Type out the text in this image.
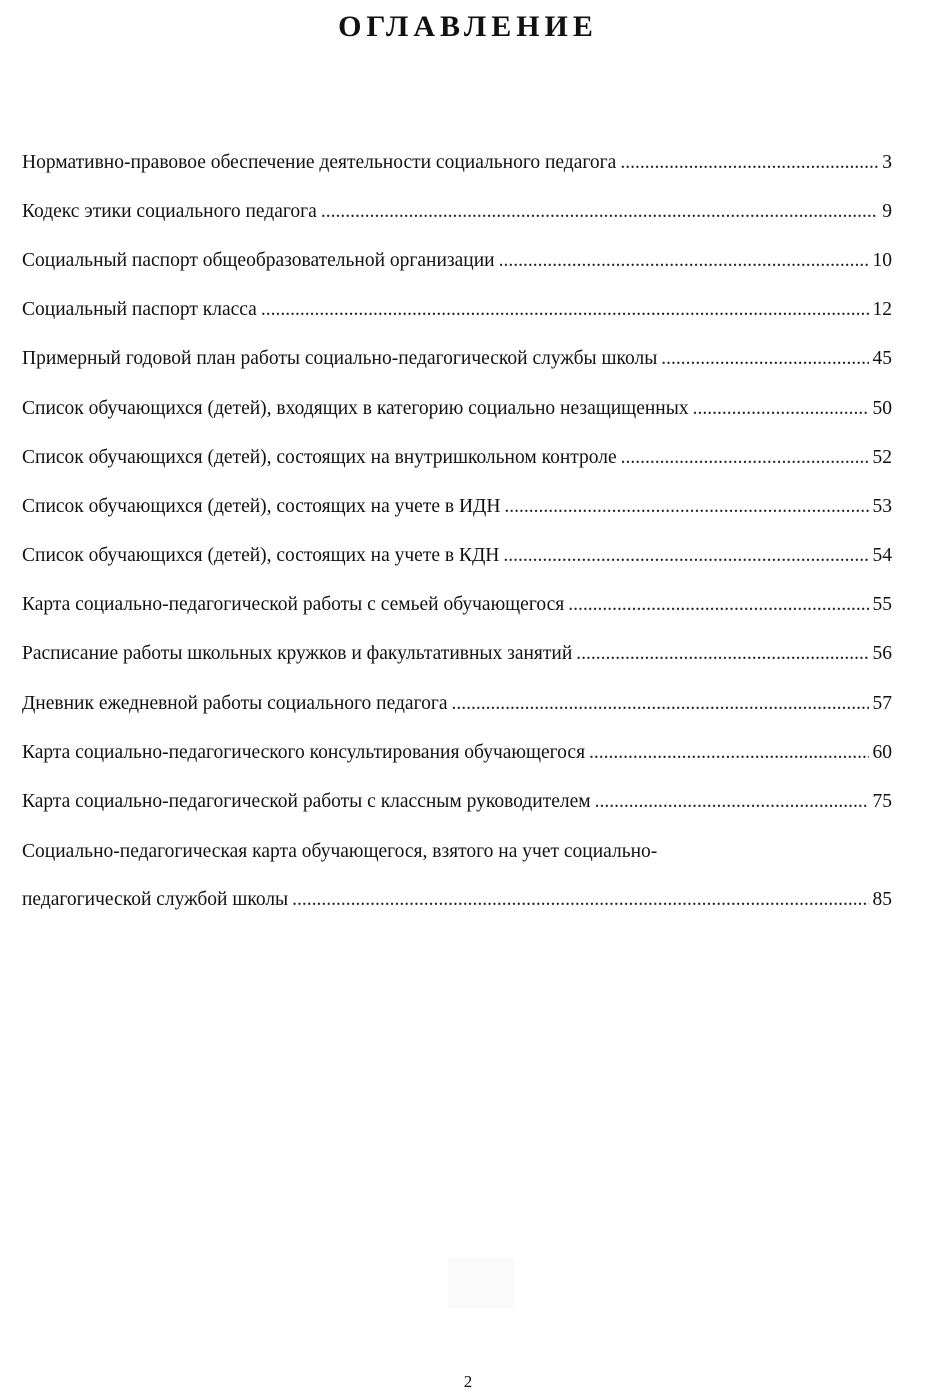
ОГЛАВЛЕНИЕ
Нормативно-правовое обеспечение деятельности социального педагога .....	3
Кодекс этики социального педагога .....	9
Социальный паспорт общеобразовательной организации .....	10
Социальный паспорт класса .....	12
Примерный годовой план работы социально-педагогической службы школы .....	45
Список обучающихся (детей), входящих в категорию социально незащищенных .....	50
Список обучающихся (детей), состоящих на внутришкольном контроле .....	52
Список обучающихся (детей), состоящих на учете в ИДН .....	53
Список обучающихся (детей), состоящих на учете в КДН .....	54
Карта социально-педагогической работы с семьей обучающегося .....	55
Расписание работы школьных кружков и факультативных занятий .....	56
Дневник ежедневной работы социального педагога .....	57
Карта социально-педагогического консультирования обучающегося .....	60
Карта социально-педагогической работы с классным руководителем .....	75
Социально-педагогическая карта обучающегося, взятого на учет социально-
педагогической службой школы .....	85
2
